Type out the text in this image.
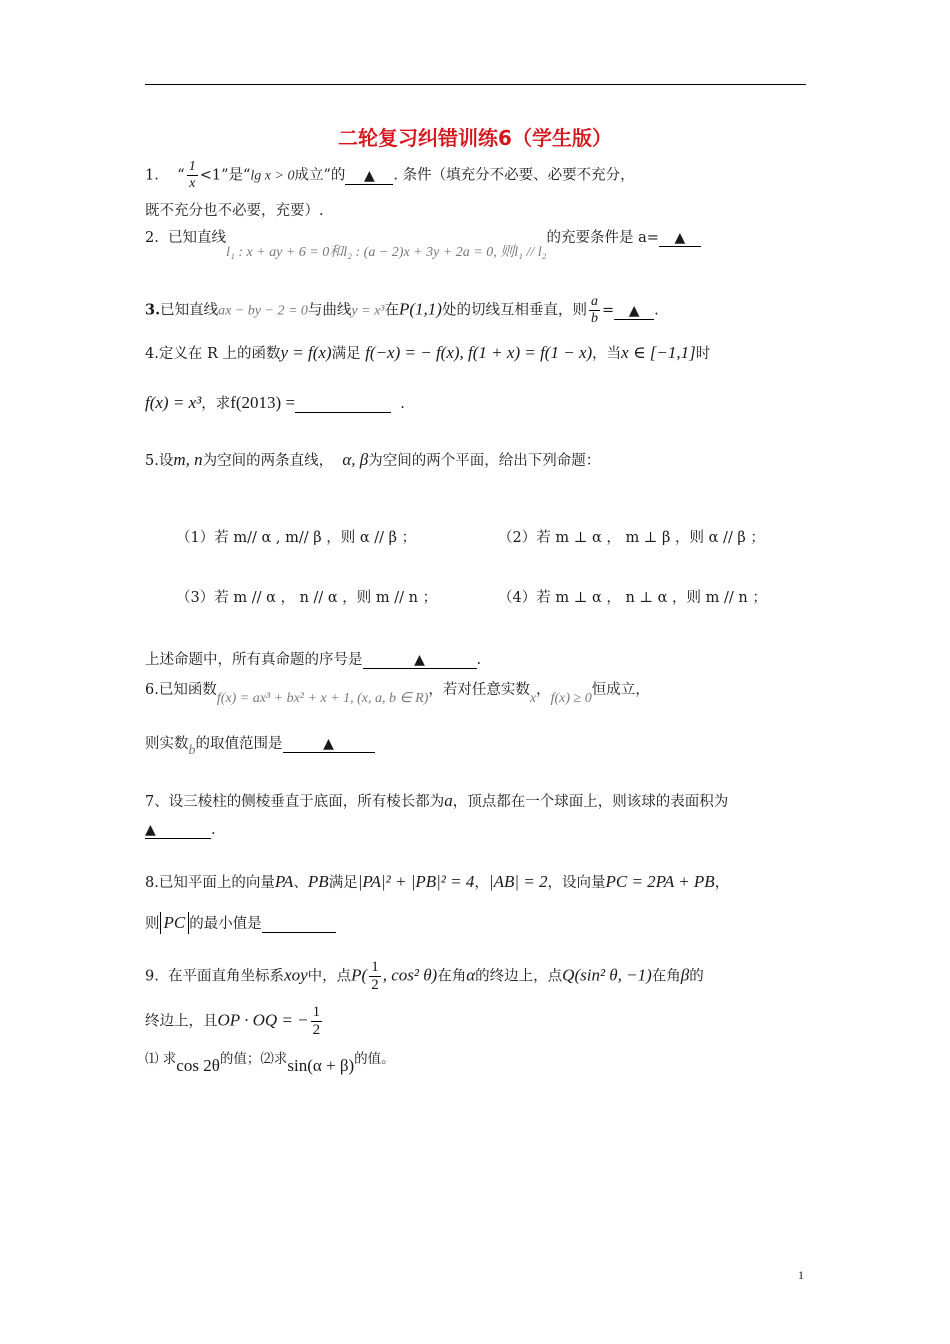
二轮复习纠错训练6（学生版）
1. “ $\frac{1}{x} <1$”是“lg x > 0成立”的 ▲ . 条件（填充分不必要、必要不充分，
既不充分也不必要，充要）.
2. 已知直线l₁ : x + ay + 6 = 0和l₂ : (a − 2)x + 3y + 2a = 0, 则l₁ // l₂的充要条件是 a= ▲
3.已知直线ax − by − 2 = 0与曲线y = x³在P(1,1)处的切线互相垂直，则 $\frac{a}{b}$ = ▲ .
4.定义在 R 上的函数y = f(x)满足 f(−x) = − f(x), f(1 + x) = f(1 − x)，当x ∈ [−1,1]时
f(x) = x³，求f(2013) =	.
5.设m, n为空间的两条直线， α, β为空间的两个平面，给出下列命题：
（1）若 m// α , m// β ，则 α // β ；	（2）若 m ⊥ α ， m ⊥ β ，则 α // β ；
（3）若 m // α ， n // α ，则 m // n ；	（4）若 m ⊥ α ， n ⊥ α ，则 m // n ；
上述命题中，所有真命题的序号是	▲	.
6.已知函数f(x) = ax³ + bx² + x + 1, (x, a, b ∈ R)，若对任意实数x，f(x) ≥ 0恒成立，
则实数b的取值范围是	▲
7、设三棱柱的侧棱垂直于底面，所有棱长都为a，顶点都在一个球面上，则该球的表面积为
▲	.
8.已知平面上的向量PA、PB满足|PA|² + |PB|² = 4，|AB| = 2，设向量PC = 2PA + PB，
则 PC 的最小值是
9. 在平面直角坐标系xoy中，点$P( \frac{1}{2}$ , cos² θ)在角α的终边上，点Q(sin² θ, −1)在角β的
终边上，且OP · OQ = − $\frac{1}{2}$
⑴ 求cos 2θ的值；⑵求sin(α + β)的值。
1
